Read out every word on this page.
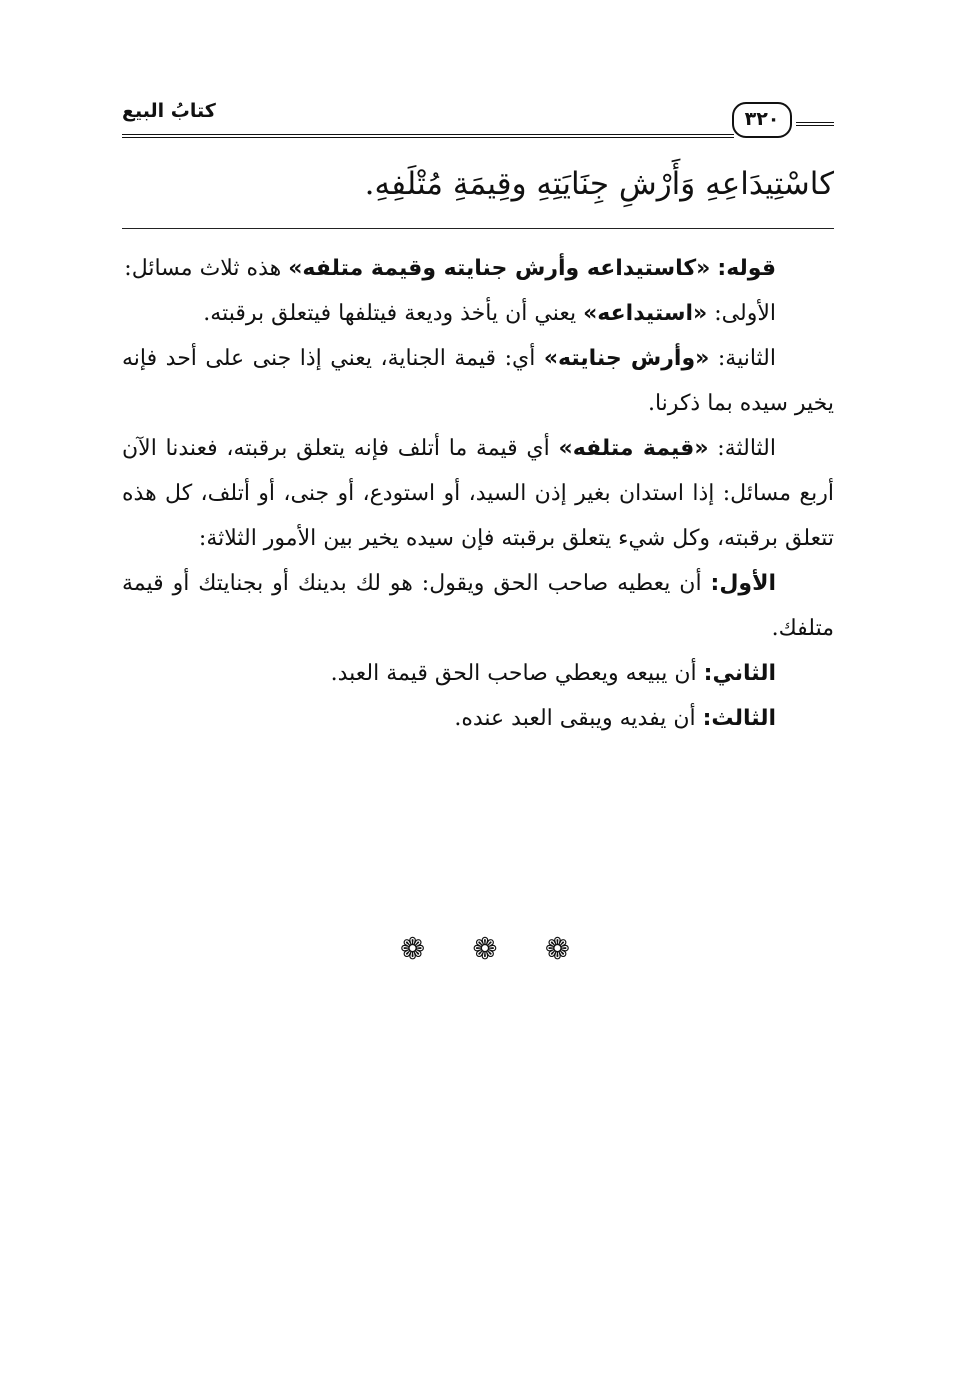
كتابُ البيع	٣٢٠
كاسْتِيدَاعِهِ وَأَرْشِ جِنَايَتِهِ وقِيمَةِ مُتْلَفِهِ.

قوله: «كاستيداعه وأرش جنايته وقيمة متلفه» هذه ثلاث مسائل:

الأولى: «استيداعه» يعني أن يأخذ وديعة فيتلفها فيتعلق برقبته.

الثانية: «وأرش جنايته» أي: قيمة الجناية، يعني إذا جنى على أحد فإنه يخير سيده بما ذكرنا.

الثالثة: «قيمة متلفه» أي قيمة ما أتلف فإنه يتعلق برقبته، فعندنا الآن أربع مسائل: إذا استدان بغير إذن السيد، أو استودع، أو جنى، أو أتلف، كل هذه تتعلق برقبته، وكل شيء يتعلق برقبته فإن سيده يخير بين الأمور الثلاثة:

الأول: أن يعطيه صاحب الحق ويقول: هو لك بدينك أو بجنايتك أو قيمة متلفك.

الثاني: أن يبيعه ويعطي صاحب الحق قيمة العبد.

الثالث: أن يفديه ويبقى العبد عنده.

❁ ❁ ❁
